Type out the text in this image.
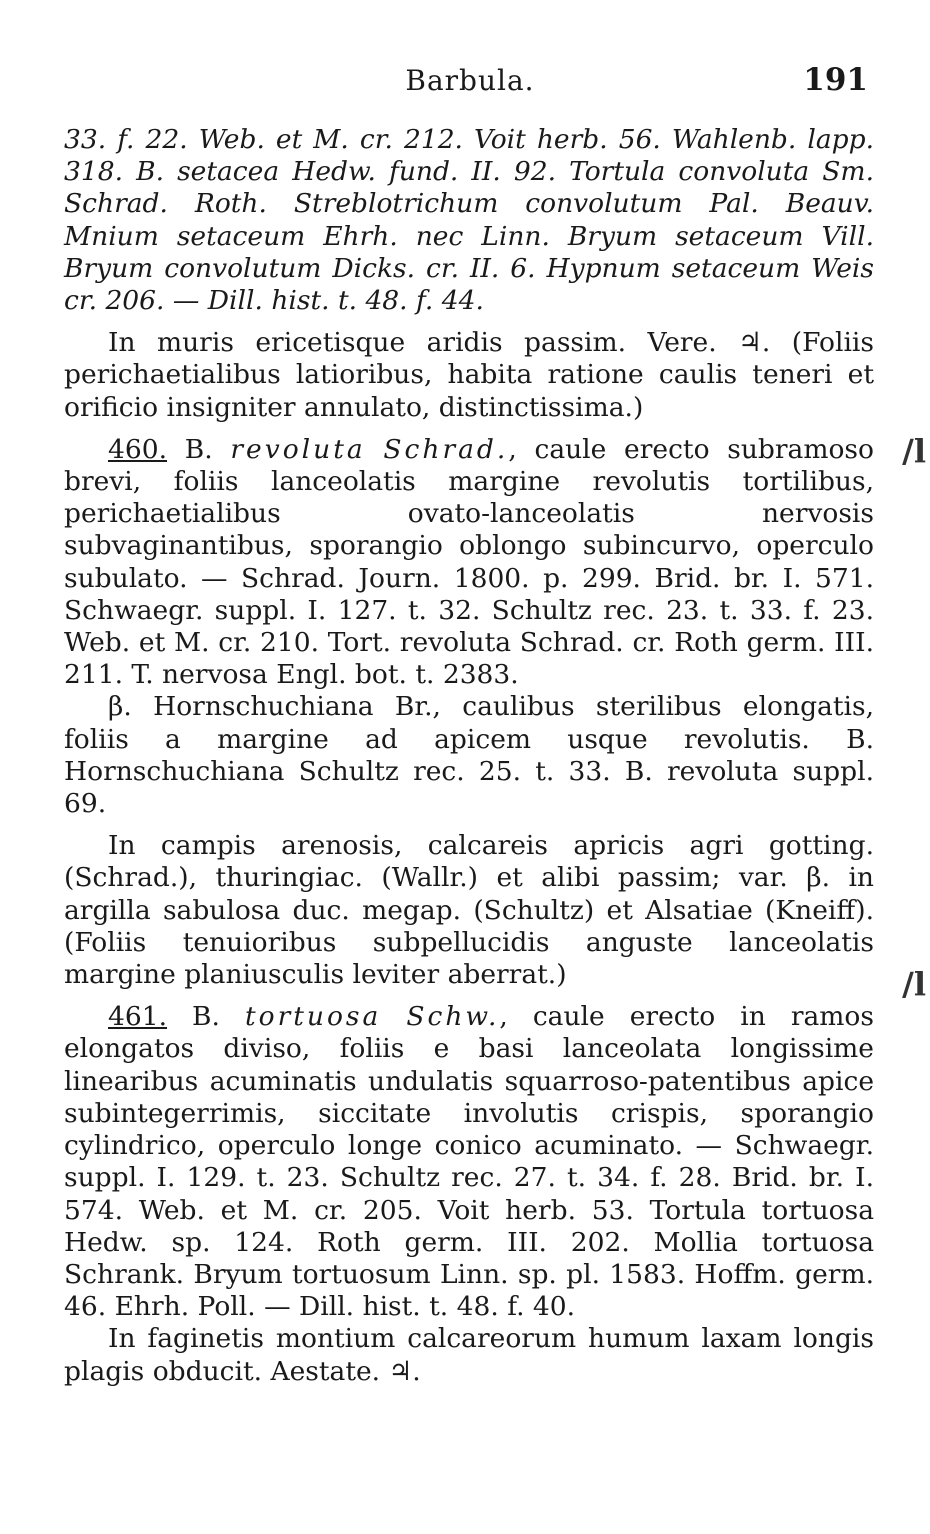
Barbula.	191
/l
/l

33. f. 22. Web. et M. cr. 212. Voit herb. 56. Wahlenb. lapp. 318. B. setacea Hedw. fund. II. 92. Tortula convoluta Sm. Schrad. Roth. Streblotrichum convolutum Pal. Beauv. Mnium setaceum Ehrh. nec Linn. Bryum setaceum Vill. Bryum convolutum Dicks. cr. II. 6. Hypnum setaceum Weis cr. 206. — Dill. hist. t. 48. f. 44.

In muris ericetisque aridis passim. Vere. ♃. (Foliis perichaetialibus latioribus, habita ratione caulis teneri et orificio insigniter annulato, distinctissima.)

460. B. revoluta Schrad., caule erecto subramoso brevi, foliis lanceolatis margine revolutis tortilibus, perichaetialibus ovato-lanceolatis nervosis subvaginantibus, sporangio oblongo subincurvo, operculo subulato. — Schrad. Journ. 1800. p. 299. Brid. br. I. 571. Schwaegr. suppl. I. 127. t. 32. Schultz rec. 23. t. 33. f. 23. Web. et M. cr. 210. Tort. revoluta Schrad. cr. Roth germ. III. 211. T. nervosa Engl. bot. t. 2383.

β. Hornschuchiana Br., caulibus sterilibus elongatis, foliis a margine ad apicem usque revolutis. B. Hornschuchiana Schultz rec. 25. t. 33. B. revoluta suppl. 69.

In campis arenosis, calcareis apricis agri gotting. (Schrad.), thuringiac. (Wallr.) et alibi passim; var. β. in argilla sabulosa duc. megap. (Schultz) et Alsatiae (Kneiff). (Foliis tenuioribus subpellucidis anguste lanceolatis margine planiusculis leviter aberrat.)

461. B. tortuosa Schw., caule erecto in ramos elongatos diviso, foliis e basi lanceolata longissime linearibus acuminatis undulatis squarroso-patentibus apice subintegerrimis, siccitate involutis crispis, sporangio cylindrico, operculo longe conico acuminato. — Schwaegr. suppl. I. 129. t. 23. Schultz rec. 27. t. 34. f. 28. Brid. br. I. 574. Web. et M. cr. 205. Voit herb. 53. Tortula tortuosa Hedw. sp. 124. Roth germ. III. 202. Mollia tortuosa Schrank. Bryum tortuosum Linn. sp. pl. 1583. Hoffm. germ. 46. Ehrh. Poll. — Dill. hist. t. 48. f. 40.

In faginetis montium calcareorum humum laxam longis plagis obducit. Aestate. ♃.
